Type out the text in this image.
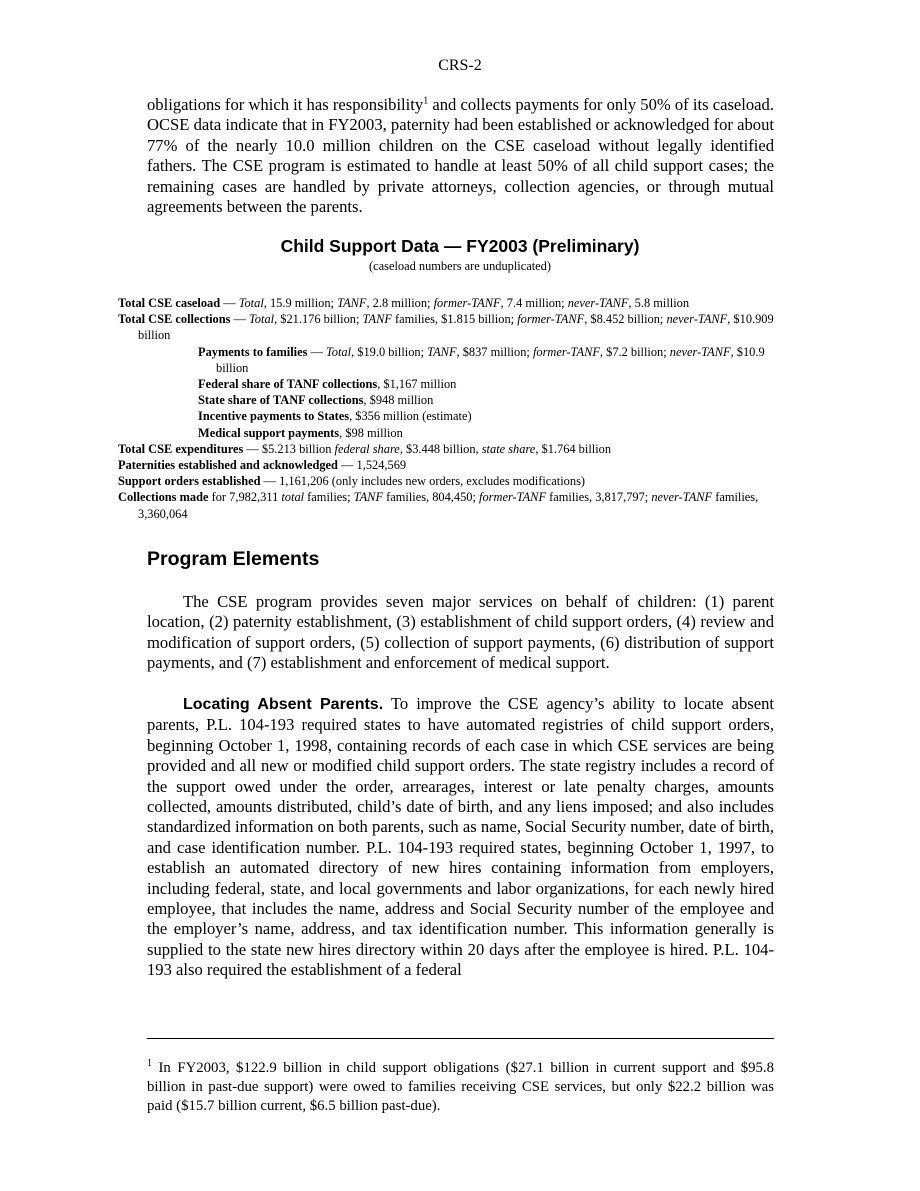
CRS-2

obligations for which it has responsibility$^1$ and collects payments for only 50% of its caseload. OCSE data indicate that in FY2003, paternity had been established or acknowledged for about 77% of the nearly 10.0 million children on the CSE caseload without legally identified fathers. The CSE program is estimated to handle at least 50% of all child support cases; the remaining cases are handled by private attorneys, collection agencies, or through mutual agreements between the parents.

Child Support Data — FY2003 (Preliminary)
(caseload numbers are unduplicated)
Total CSE caseload — Total, 15.9 million; TANF, 2.8 million; former-TANF, 7.4 million; never-TANF, 5.8 million
Total CSE collections — Total, $21.176 billion; TANF families, $1.815 billion; former-TANF, $8.452 billion; never-TANF, $10.909 billion
Payments to families — Total, $19.0 billion; TANF, $837 million; former-TANF, $7.2 billion; never-TANF, $10.9 billion
Federal share of TANF collections, $1,167 million
State share of TANF collections, $948 million
Incentive payments to States, $356 million (estimate)
Medical support payments, $98 million
Total CSE expenditures — $5.213 billion federal share, $3.448 billion, state share, $1.764 billion
Paternities established and acknowledged — 1,524,569
Support orders established — 1,161,206 (only includes new orders, excludes modifications)
Collections made for 7,982,311 total families; TANF families, 804,450; former-TANF families, 3,817,797; never-TANF families, 3,360,064
Program Elements

The CSE program provides seven major services on behalf of children: (1) parent location, (2) paternity establishment, (3) establishment of child support orders, (4) review and modification of support orders, (5) collection of support payments, (6) distribution of support payments, and (7) establishment and enforcement of medical support.

Locating Absent Parents. To improve the CSE agency’s ability to locate absent parents, P.L. 104-193 required states to have automated registries of child support orders, beginning October 1, 1998, containing records of each case in which CSE services are being provided and all new or modified child support orders. The state registry includes a record of the support owed under the order, arrearages, interest or late penalty charges, amounts collected, amounts distributed, child’s date of birth, and any liens imposed; and also includes standardized information on both parents, such as name, Social Security number, date of birth, and case identification number. P.L. 104-193 required states, beginning October 1, 1997, to establish an automated directory of new hires containing information from employers, including federal, state, and local governments and labor organizations, for each newly hired employee, that includes the name, address and Social Security number of the employee and the employer’s name, address, and tax identification number. This information generally is supplied to the state new hires directory within 20 days after the employee is hired. P.L. 104-193 also required the establishment of a federal

$^1$ In FY2003, $122.9 billion in child support obligations ($27.1 billion in current support and $95.8 billion in past-due support) were owed to families receiving CSE services, but only $22.2 billion was paid ($15.7 billion current, $6.5 billion past-due).
